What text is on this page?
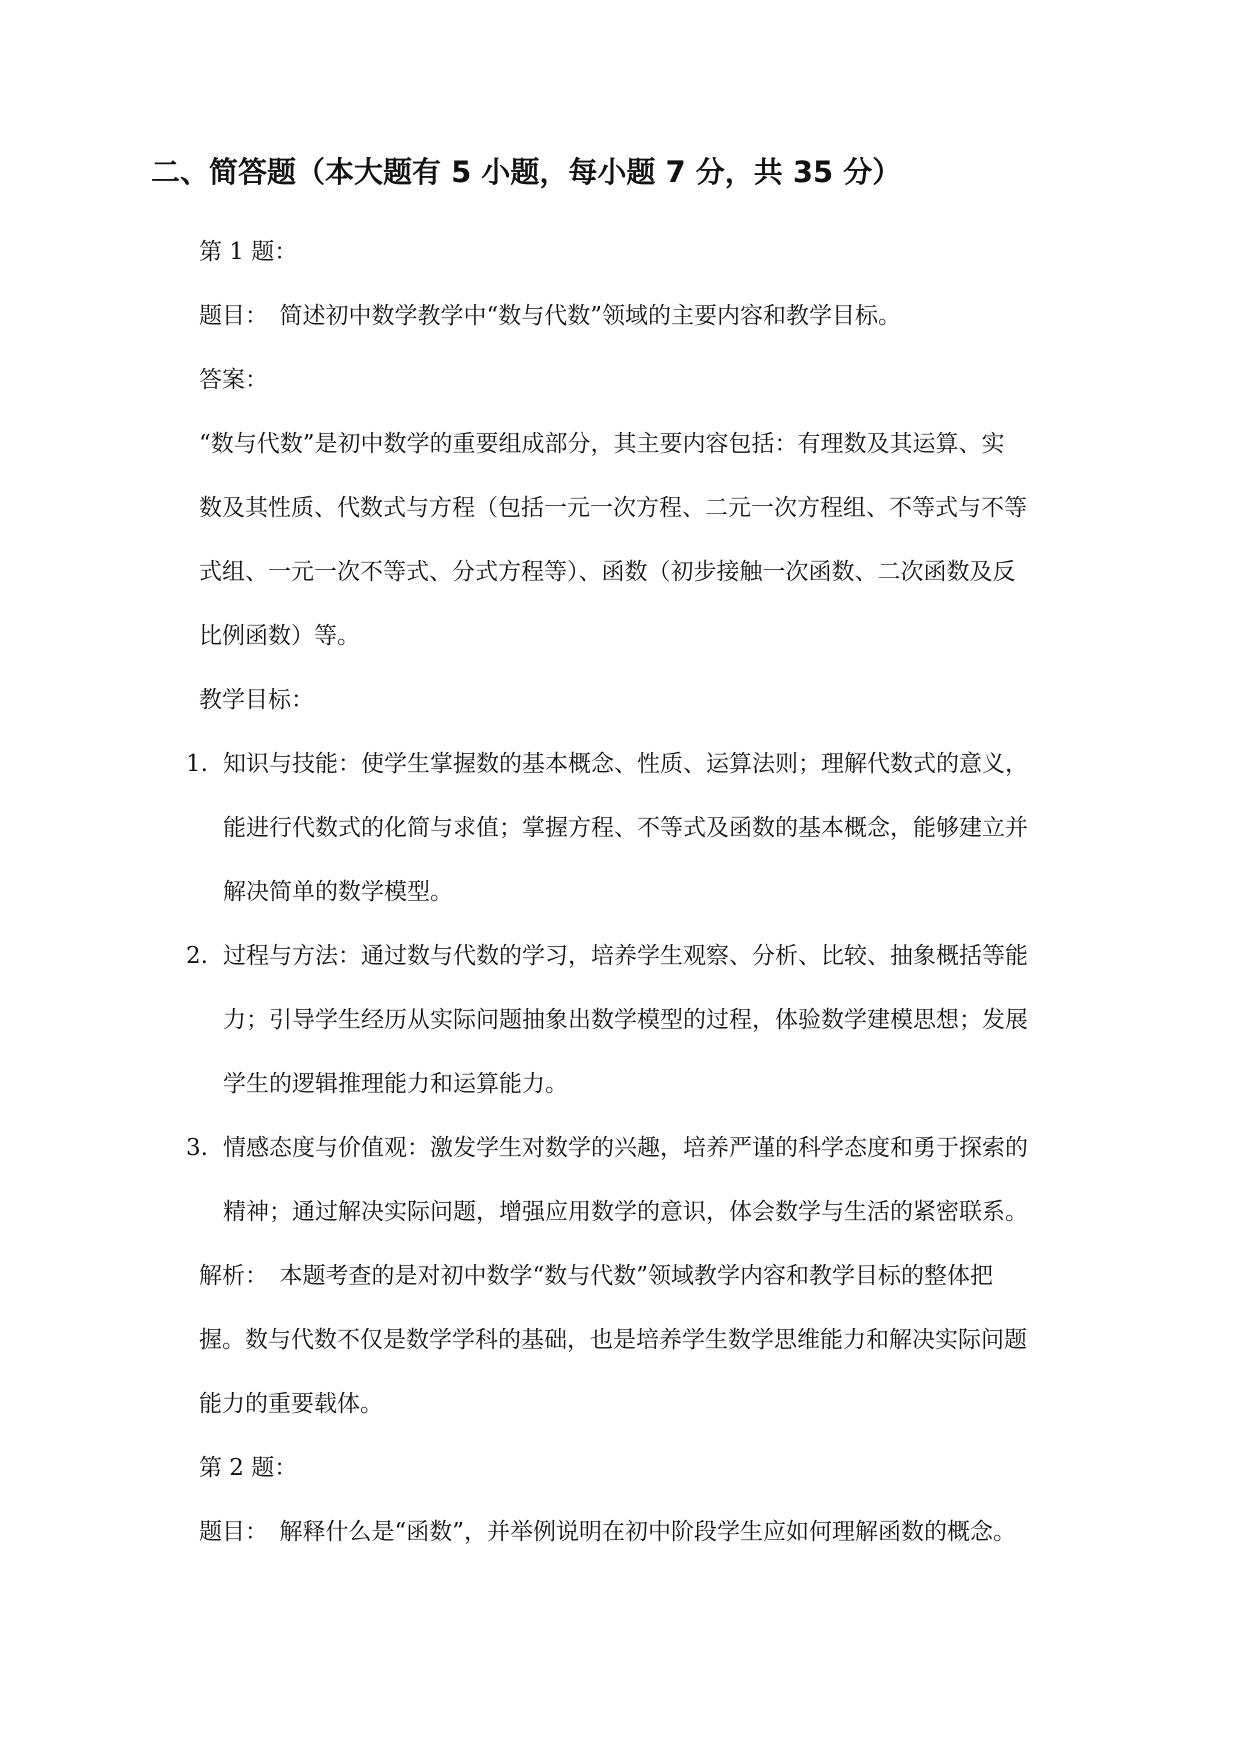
二、简答题（本大题有 5 小题，每小题 7 分，共 35 分）

第 1 题：

题目：　简述初中数学教学中“数与代数”领域的主要内容和教学目标。

答案：

“数与代数”是初中数学的重要组成部分，其主要内容包括：有理数及其运算、实

数及其性质、代数式与方程（包括一元一次方程、二元一次方程组、不等式与不等

式组、一元一次不等式、分式方程等）、函数（初步接触一次函数、二次函数及反

比例函数）等。

教学目标：

1. 知识与技能：使学生掌握数的基本概念、性质、运算法则；理解代数式的意义，

能进行代数式的化简与求值；掌握方程、不等式及函数的基本概念，能够建立并

解决简单的数学模型。

2. 过程与方法：通过数与代数的学习，培养学生观察、分析、比较、抽象概括等能

力；引导学生经历从实际问题抽象出数学模型的过程，体验数学建模思想；发展

学生的逻辑推理能力和运算能力。

3. 情感态度与价值观：激发学生对数学的兴趣，培养严谨的科学态度和勇于探索的

精神；通过解决实际问题，增强应用数学的意识，体会数学与生活的紧密联系。

解析：　本题考查的是对初中数学“数与代数”领域教学内容和教学目标的整体把

握。数与代数不仅是数学学科的基础，也是培养学生数学思维能力和解决实际问题

能力的重要载体。

第 2 题：

题目：　解释什么是“函数”，并举例说明在初中阶段学生应如何理解函数的概念。
